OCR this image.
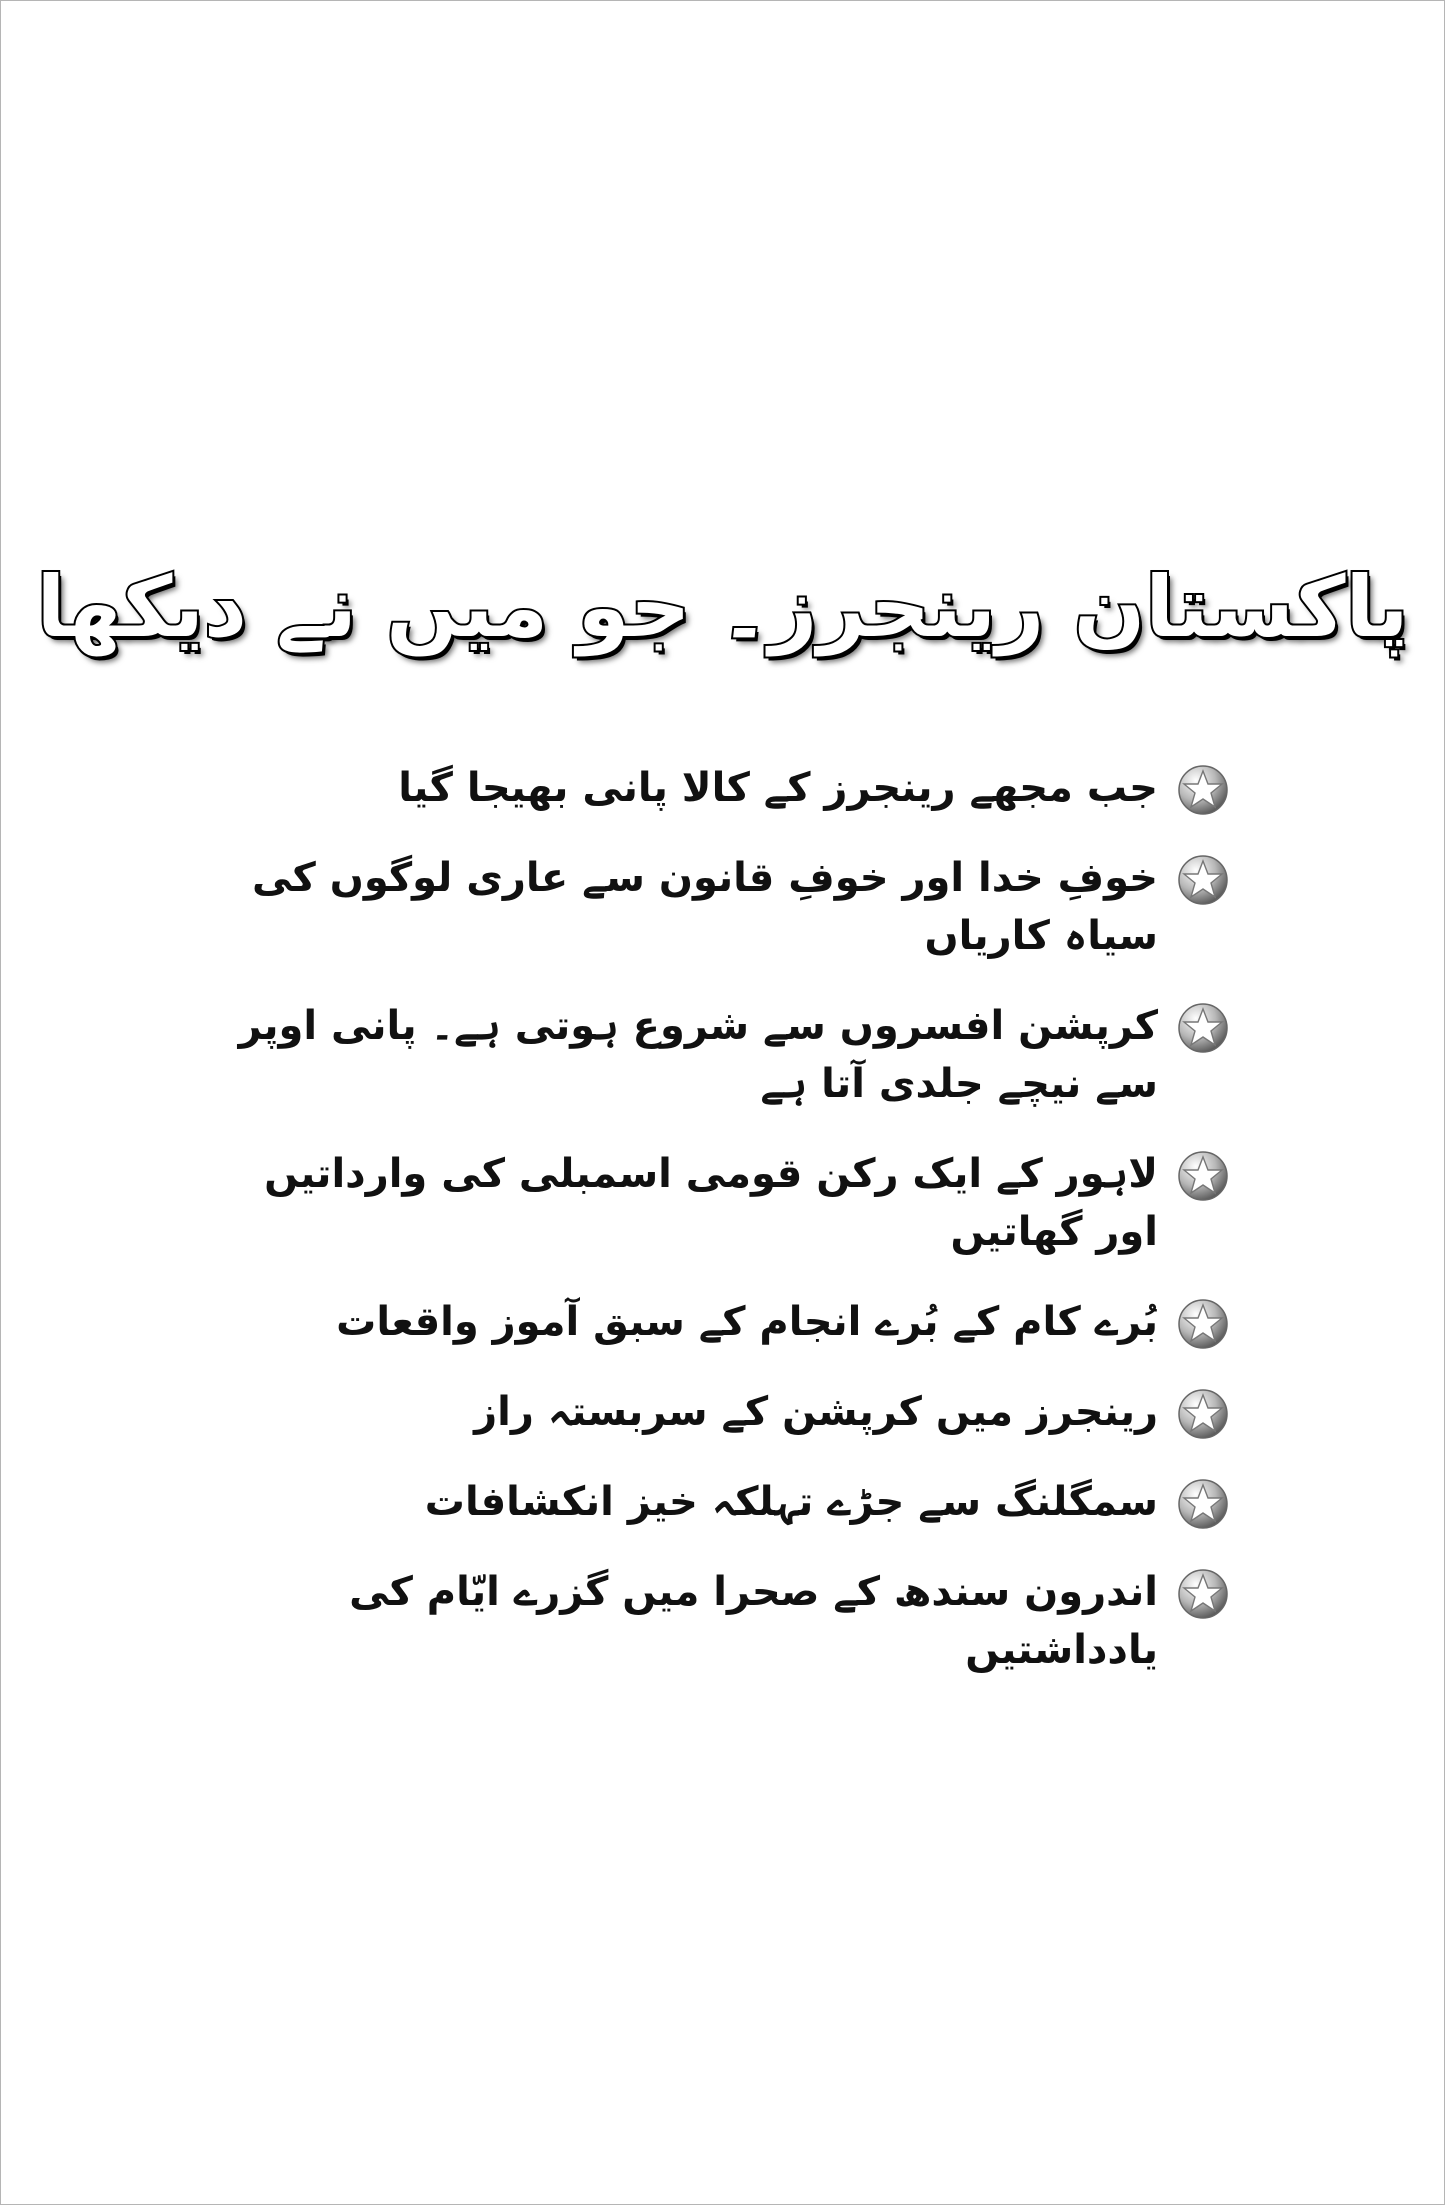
پاکستان رینجرز۔ جو میں نے دیکھا
جب مجھے رینجرز کے کالا پانی بھیجا گیا
خوفِ خدا اور خوفِ قانون سے عاری لوگوں کی سیاہ کاریاں
کرپشن افسروں سے شروع ہوتی ہے۔ پانی اوپر سے نیچے جلدی آتا ہے
لاہور کے ایک رکن قومی اسمبلی کی وارداتیں اور گھاتیں
بُرے کام کے بُرے انجام کے سبق آموز واقعات
رینجرز میں کرپشن کے سربستہ راز
سمگلنگ سے جڑے تہلکہ خیز انکشافات
اندرون سندھ کے صحرا میں گزرے ایّام کی یادداشتیں
